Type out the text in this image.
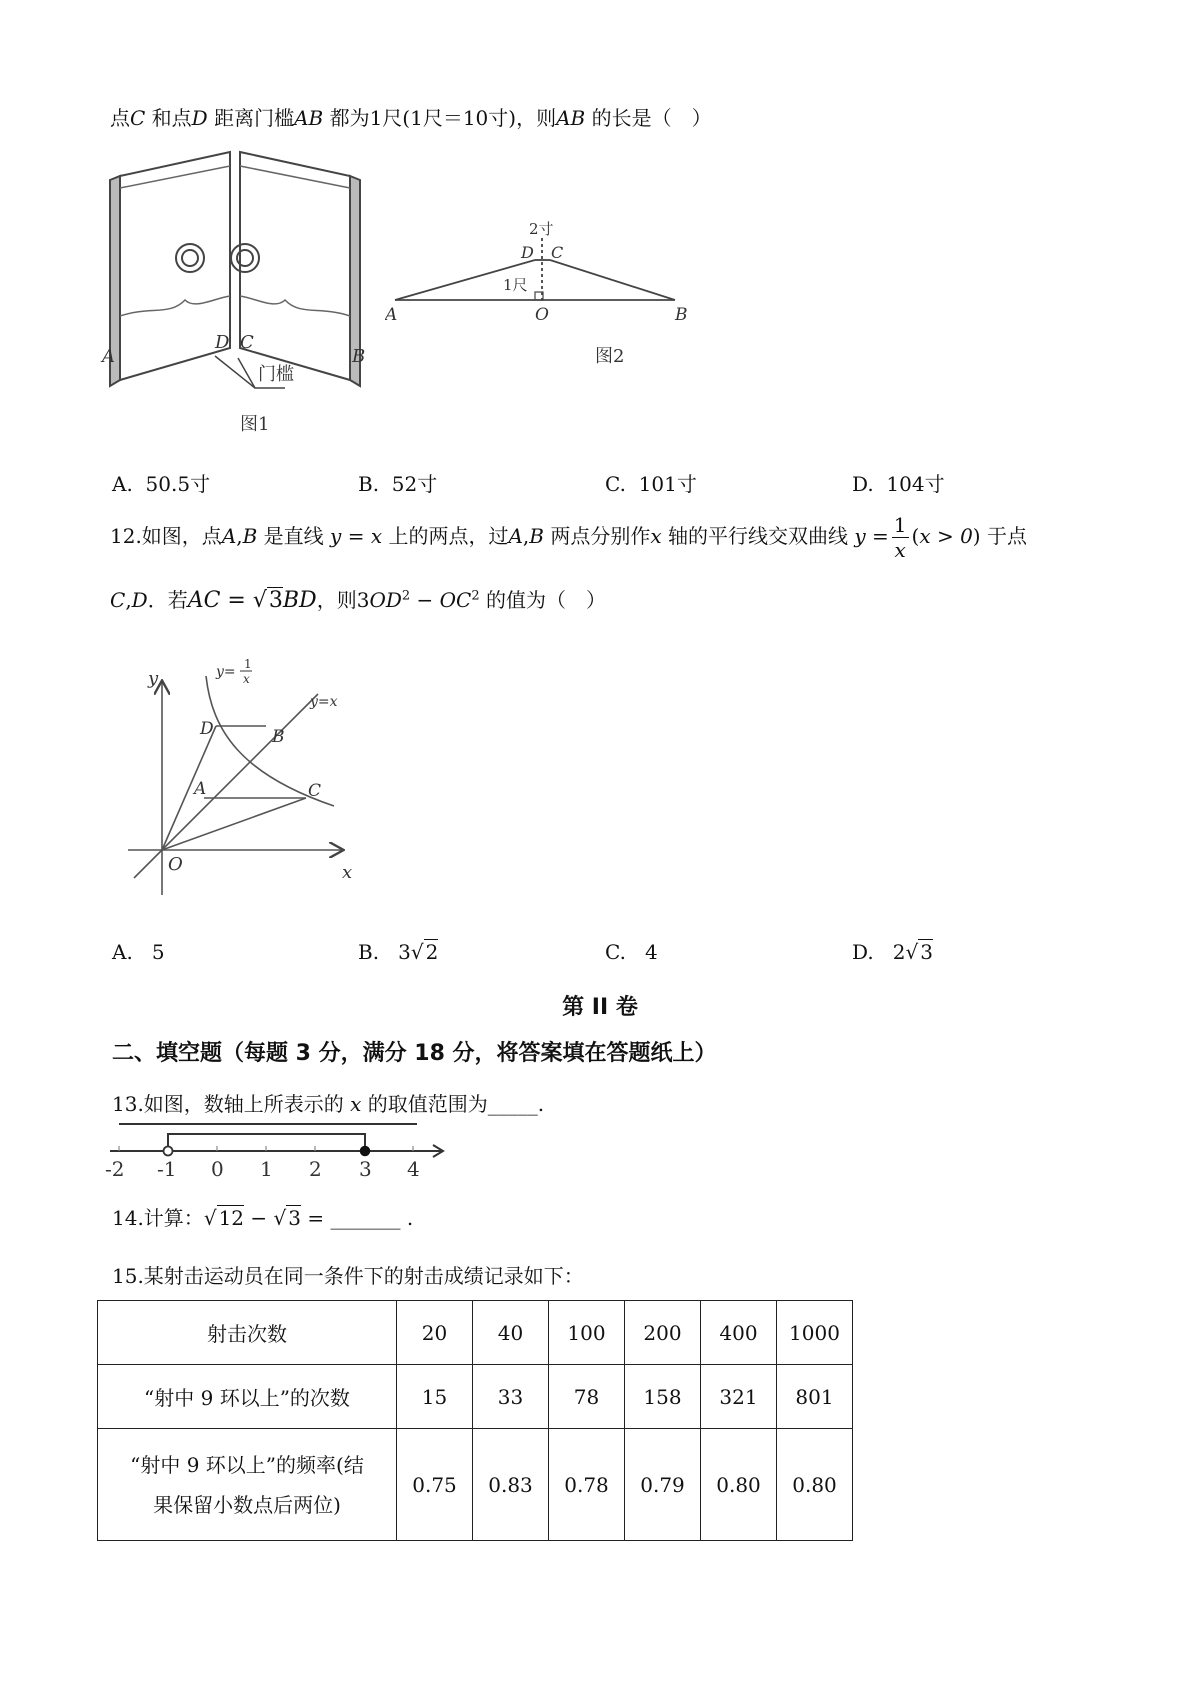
点C 和点D 距离门槛AB 都为1尺(1尺＝10寸)，则AB 的长是（　）
A
D C
B
门槛
图1
A	O	B
D C
2寸
1尺
图2
A. 50.5寸	B. 52寸	C. 101寸	D. 104寸
12.如图，点A,B 是直线 y = x 上的两点，过A,B 两点分别作x 轴的平行线交双曲线 $y = \frac{1}{x} (x > 0)$ 于点
C,D．若AC = √3BD，则$3OD^2 - OC^2$ 的值为（　）
y
x
O
D	B
A	C
y= 1
x
y=x
A. 5	B. 3√ 2	C. 4	D. 2√ 3
第 II 卷
二、填空题（每题 3 分，满分 18 分，将答案填在答题纸上）
13.如图，数轴上所表示的 x 的取值范围为_____.
-2 -1 0 1 2 3 4
14.计算：√ 12 − √ 3 = _______ .
15.某射击运动员在同一条件下的射击成绩记录如下：
射击次数	20	40	100	200	400	1000
“射中 9 环以上”的次数	15	33	78	158	321	801
“射中 9 环以上”的频率(结
果保留小数点后两位)	0.75	0.83	0.78	0.79	0.80	0.80
